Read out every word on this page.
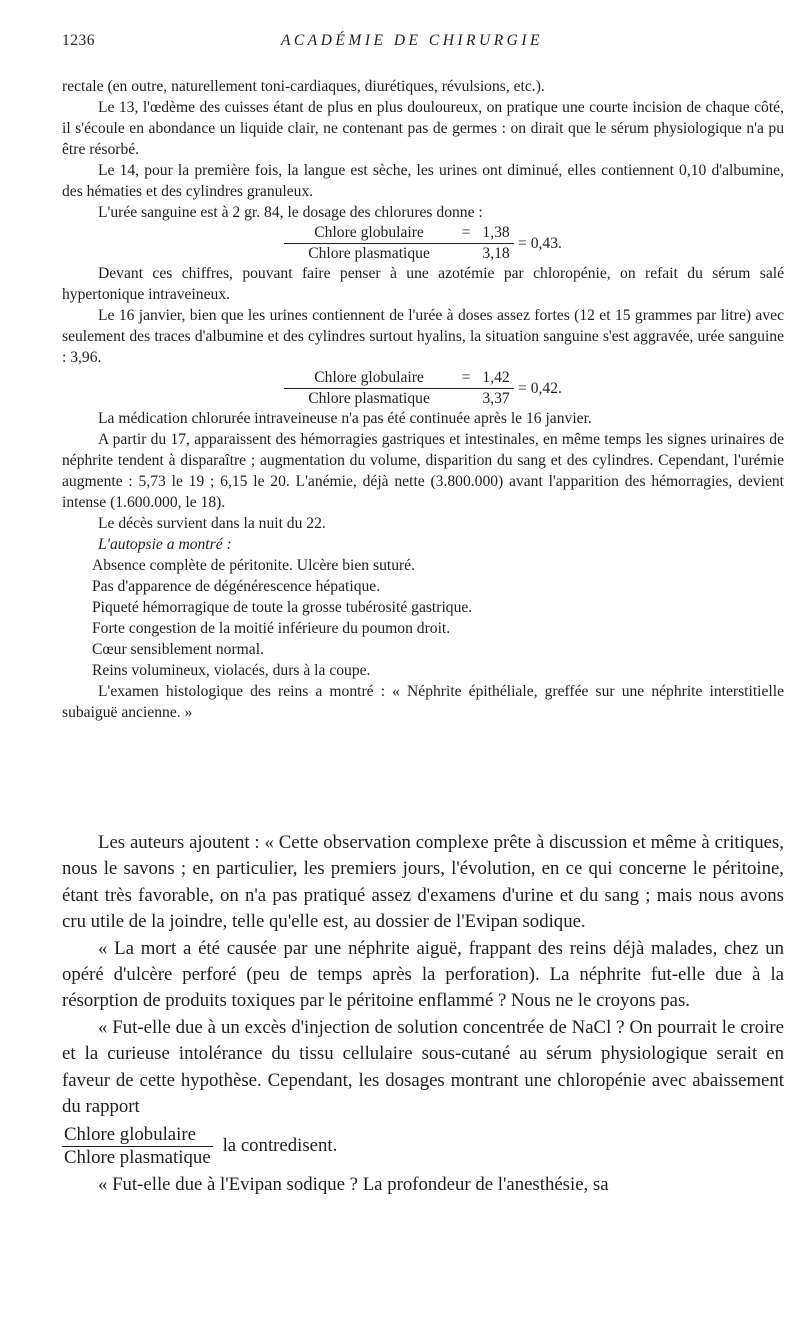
1236	ACADÉMIE DE CHIRURGIE

rectale (en outre, naturellement toni-cardiaques, diurétiques, révulsions, etc.).

Le 13, l'œdème des cuisses étant de plus en plus douloureux, on pratique une courte incision de chaque côté, il s'écoule en abondance un liquide clair, ne contenant pas de germes : on dirait que le sérum physiologique n'a pu être résorbé.

Le 14, pour la première fois, la langue est sèche, les urines ont diminué, elles contiennent 0,10 d'albumine, des hématies et des cylindres granuleux.

L'urée sanguine est à 2 gr. 84, le dosage des chlorures donne :

Chlore globulaire	= 1,38
Chlore plasmatique	3,18 = 0,43.

Devant ces chiffres, pouvant faire penser à une azotémie par chloropénie, on refait du sérum salé hypertonique intraveineux.

Le 16 janvier, bien que les urines contiennent de l'urée à doses assez fortes (12 et 15 grammes par litre) avec seulement des traces d'albumine et des cylindres surtout hyalins, la situation sanguine s'est aggravée, urée sanguine : 3,96.

Chlore globulaire	= 1,42
Chlore plasmatique	3,37 = 0,42.

La médication chlorurée intraveineuse n'a pas été continuée après le 16 janvier.

A partir du 17, apparaissent des hémorragies gastriques et intestinales, en même temps les signes urinaires de néphrite tendent à disparaître ; augmentation du volume, disparition du sang et des cylindres. Cependant, l'urémie augmente : 5,73 le 19 ; 6,15 le 20. L'anémie, déjà nette (3.800.000) avant l'apparition des hémorragies, devient intense (1.600.000, le 18).

Le décès survient dans la nuit du 22.

L'autopsie a montré :

Absence complète de péritonite. Ulcère bien suturé.

Pas d'apparence de dégénérescence hépatique.

Piqueté hémorragique de toute la grosse tubérosité gastrique.

Forte congestion de la moitié inférieure du poumon droit.

Cœur sensiblement normal.

Reins volumineux, violacés, durs à la coupe.

L'examen histologique des reins a montré : « Néphrite épithéliale, greffée sur une néphrite interstitielle subaiguë ancienne. »

Les auteurs ajoutent : « Cette observation complexe prête à discussion et même à critiques, nous le savons ; en particulier, les premiers jours, l'évolution, en ce qui concerne le péritoine, étant très favorable, on n'a pas pratiqué assez d'examens d'urine et du sang ; mais nous avons cru utile de la joindre, telle qu'elle est, au dossier de l'Evipan sodique.

« La mort a été causée par une néphrite aiguë, frappant des reins déjà malades, chez un opéré d'ulcère perforé (peu de temps après la perforation). La néphrite fut-elle due à la résorption de produits toxiques par le péritoine enflammé ? Nous ne le croyons pas.

« Fut-elle due à un excès d'injection de solution concentrée de NaCl ? On pourrait le croire et la curieuse intolérance du tissu cellulaire sous-cutané au sérum physiologique serait en faveur de cette hypothèse. Cependant, les dosages montrant une chloropénie avec abaissement du rapport

$\frac{\text{Chlore globulaire}}{\text{Chlore plasmatique}}$ la contredisent.

« Fut-elle due à l'Evipan sodique ? La profondeur de l'anesthésie, sa
